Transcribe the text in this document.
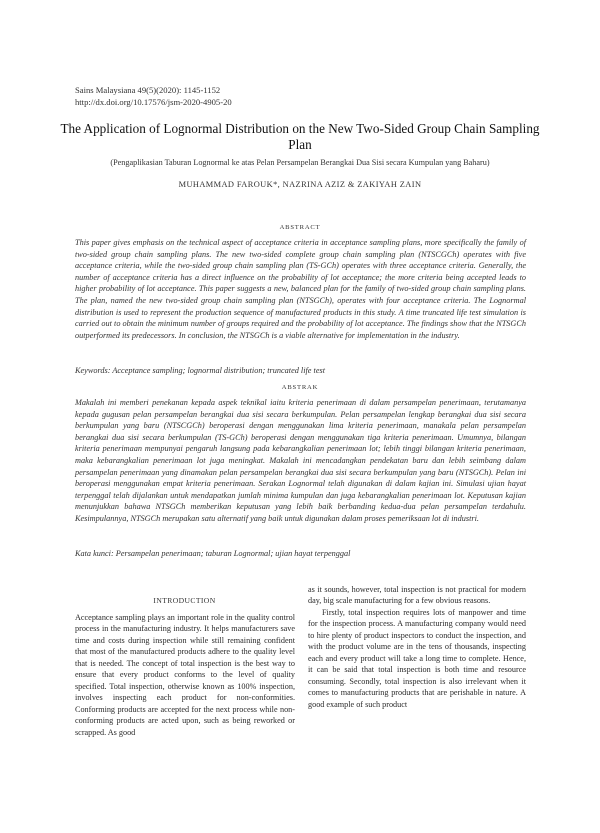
Sains Malaysiana 49(5)(2020): 1145-1152
http://dx.doi.org/10.17576/jsm-2020-4905-20
The Application of Lognormal Distribution on the New Two-Sided Group Chain Sampling Plan
(Pengaplikasian Taburan Lognormal ke atas Pelan Persampelan Berangkai Dua Sisi secara Kumpulan yang Baharu)
MUHAMMAD FAROUK*, NAZRINA AZIZ & ZAKIYAH ZAIN
ABSTRACT

This paper gives emphasis on the technical aspect of acceptance criteria in acceptance sampling plans, more specifically the family of two-sided group chain sampling plans. The new two-sided complete group chain sampling plan (NTSCGCh) operates with five acceptance criteria, while the two-sided group chain sampling plan (TS-GCh) operates with three acceptance criteria. Generally, the number of acceptance criteria has a direct influence on the probability of lot acceptance; the more criteria being accepted leads to higher probability of lot acceptance. This paper suggests a new, balanced plan for the family of two-sided group chain sampling plans. The plan, named the new two-sided group chain sampling plan (NTSGCh), operates with four acceptance criteria. The Lognormal distribution is used to represent the production sequence of manufactured products in this study. A time truncated life test simulation is carried out to obtain the minimum number of groups required and the probability of lot acceptance. The findings show that the NTSGCh outperformed its predecessors. In conclusion, the NTSGCh is a viable alternative for implementation in the industry.

Keywords: Acceptance sampling; lognormal distribution; truncated life test
ABSTRAK

Makalah ini memberi penekanan kepada aspek teknikal iaitu kriteria penerimaan di dalam persampelan penerimaan, terutamanya kepada gugusan pelan persampelan berangkai dua sisi secara berkumpulan. Pelan persampelan lengkap berangkai dua sisi secara berkumpulan yang baru (NTSCGCh) beroperasi dengan menggunakan lima kriteria penerimaan, manakala pelan persampelan berangkai dua sisi secara berkumpulan (TS-GCh) beroperasi dengan menggunakan tiga kriteria penerimaan. Umumnya, bilangan kriteria penerimaan mempunyai pengaruh langsung pada kebarangkalian penerimaan lot; lebih tinggi bilangan kriteria penerimaan, maka kebarangkalian penerimaan lot juga meningkat. Makalah ini mencadangkan pendekatan baru dan lebih seimbang dalam persampelan penerimaan yang dinamakan pelan persampelan berangkai dua sisi secara berkumpulan yang baru (NTSGCh). Pelan ini beroperasi menggunakan empat kriteria penerimaan. Serakan Lognormal telah digunakan di dalam kajian ini. Simulasi ujian hayat terpenggal telah dijalankan untuk mendapatkan jumlah minima kumpulan dan juga kebarangkalian penerimaan lot. Keputusan kajian menunjukkan bahawa NTSGCh memberikan keputusan yang lebih baik berbanding kedua-dua pelan persampelan terdahulu. Kesimpulannya, NTSGCh merupakan satu alternatif yang baik untuk digunakan dalam proses pemeriksaan lot di industri.

Kata kunci: Persampelan penerimaan; taburan Lognormal; ujian hayat terpenggal
INTRODUCTION

Acceptance sampling plays an important role in the quality control process in the manufacturing industry. It helps manufacturers save time and costs during inspection while still remaining confident that most of the manufactured products adhere to the quality level that is needed. The concept of total inspection is the best way to ensure that every product conforms to the level of quality specified. Total inspection, otherwise known as 100% inspection, involves inspecting each product for non-conformities. Conforming products are accepted for the next process while non-conforming products are acted upon, such as being reworked or scrapped. As good

as it sounds, however, total inspection is not practical for modern day, big scale manufacturing for a few obvious reasons.

Firstly, total inspection requires lots of manpower and time for the inspection process. A manufacturing company would need to hire plenty of product inspectors to conduct the inspection, and with the product volume are in the tens of thousands, inspecting each and every product will take a long time to complete. Hence, it can be said that total inspection is both time and resource consuming. Secondly, total inspection is also irrelevant when it comes to manufacturing products that are perishable in nature. A good example of such product
